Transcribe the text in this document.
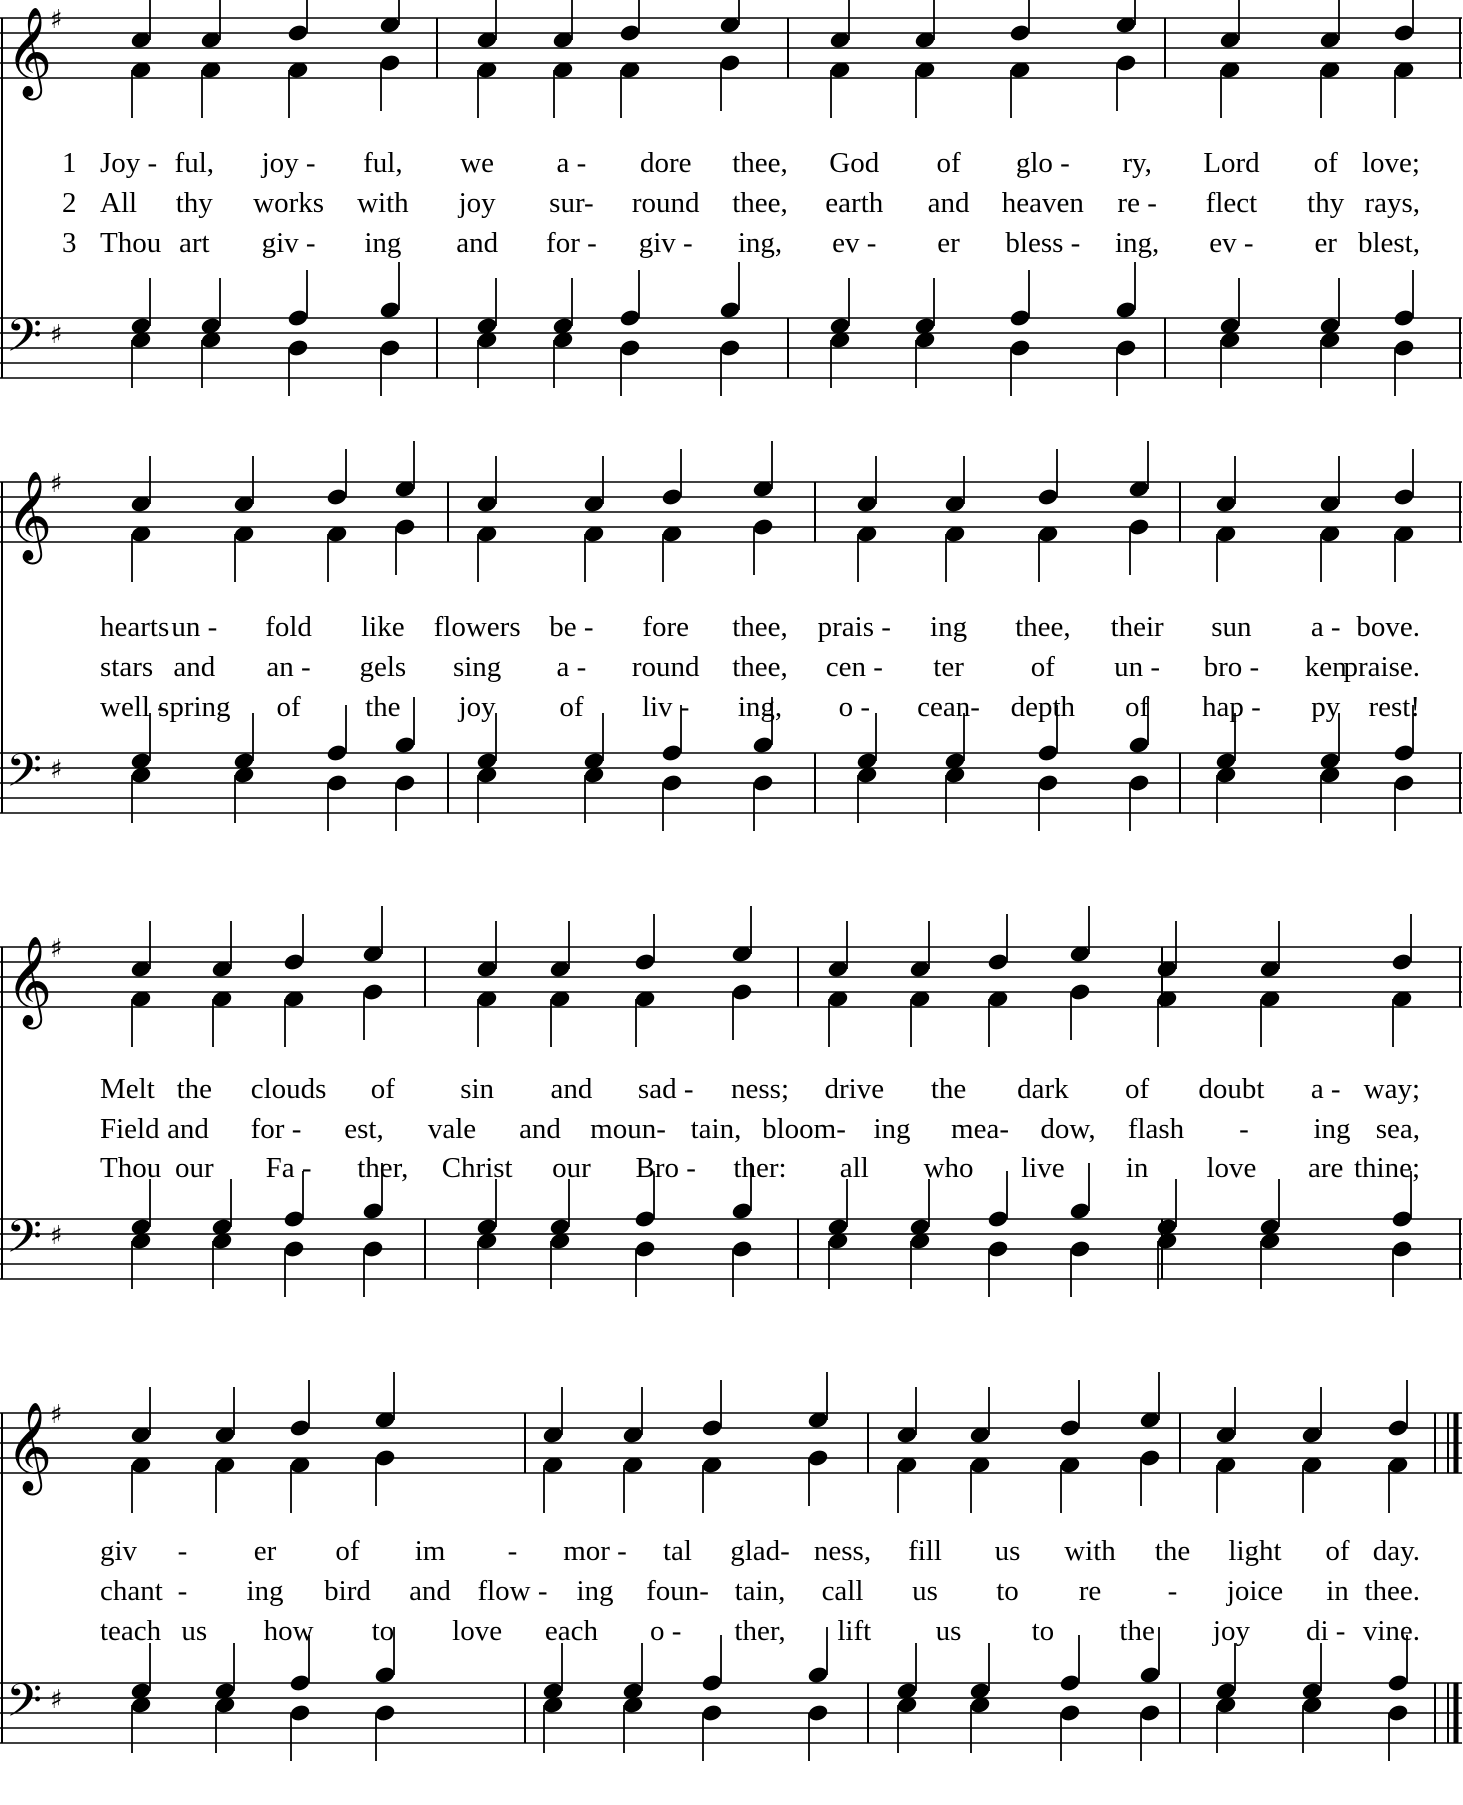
𝄞
♯
𝄢 ♯
𝄞
♯
𝄢 ♯
𝄞
♯
𝄢 ♯
𝄞
♯
𝄢 ♯
1 Joy - ful, joy - ful, we a - dore thee, God of glo - ry, Lord of love;
2 All thy works with joy sur- round thee, earth and heaven re - flect thy rays,
3 Thou art giv - ing and for - giv - ing, ev - er bless - ing, ev - er blest,
hearts un - fold like flowers be - fore thee, prais - ing thee, their sun a - bove.
stars and an - gels sing a - round thee, cen - ter of un - bro - ken
praise.
well -
spring of the joy of liv - ing, o - cean- depth of hap - py rest!
Melt the clouds of sin and sad - ness; drive the dark of doubt a - way;
Field and for - est, vale and moun- tain, bloom- ing mea- dow, flash - ing sea,
Thou our Fa - ther, Christ our Bro - ther: all who live in love are thine;
giv - er of im - mor - tal glad- ness, fill us with the light of day.
chant - ing bird and flow - ing foun- tain, call us to re - joice in thee.
teach us how to love each o - ther, lift us to the joy di - vine.
